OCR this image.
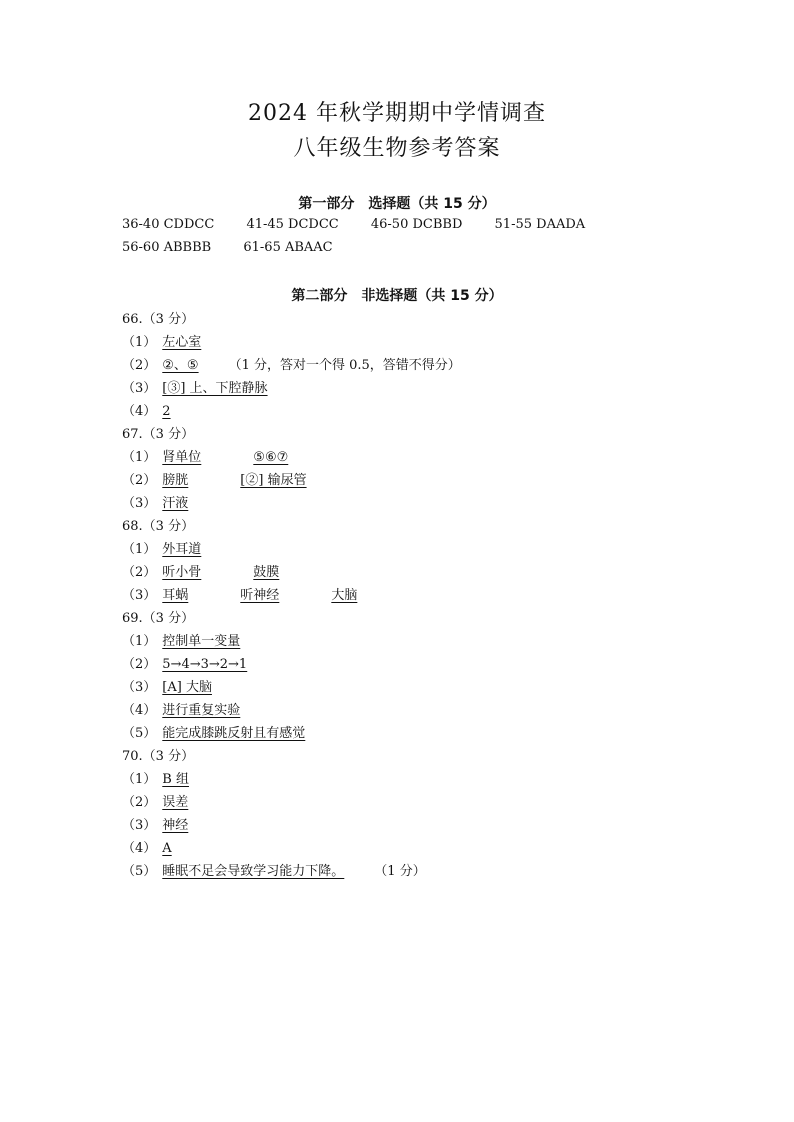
2024 年秋学期期中学情调查
八年级生物参考答案
第一部分　选择题（共 15 分）
36-40 CDDCC 41-45 DCDCC 46-50 DCBBD 51-55 DAADA
56-60 ABBBB 61-65 ABAAC
第二部分　非选择题（共 15 分）
66.（3 分）
（1） 左心室
（2） ②、⑤ （1 分，答对一个得 0.5，答错不得分）
（3） [③] 上、下腔静脉
（4） 2
67.（3 分）
（1） 肾单位	⑤⑥⑦
（2） 膀胱	[②] 输尿管
（3） 汗液
68.（3 分）
（1） 外耳道
（2） 听小骨	鼓膜
（3） 耳蜗	听神经	大脑
69.（3 分）
（1） 控制单一变量
（2） 5→4→3→2→1
（3） [A] 大脑
（4） 进行重复实验
（5） 能完成膝跳反射且有感觉
70.（3 分）
（1） B 组
（2） 误差
（3） 神经
（4） A
（5） 睡眠不足会导致学习能力下降。 （1 分）
